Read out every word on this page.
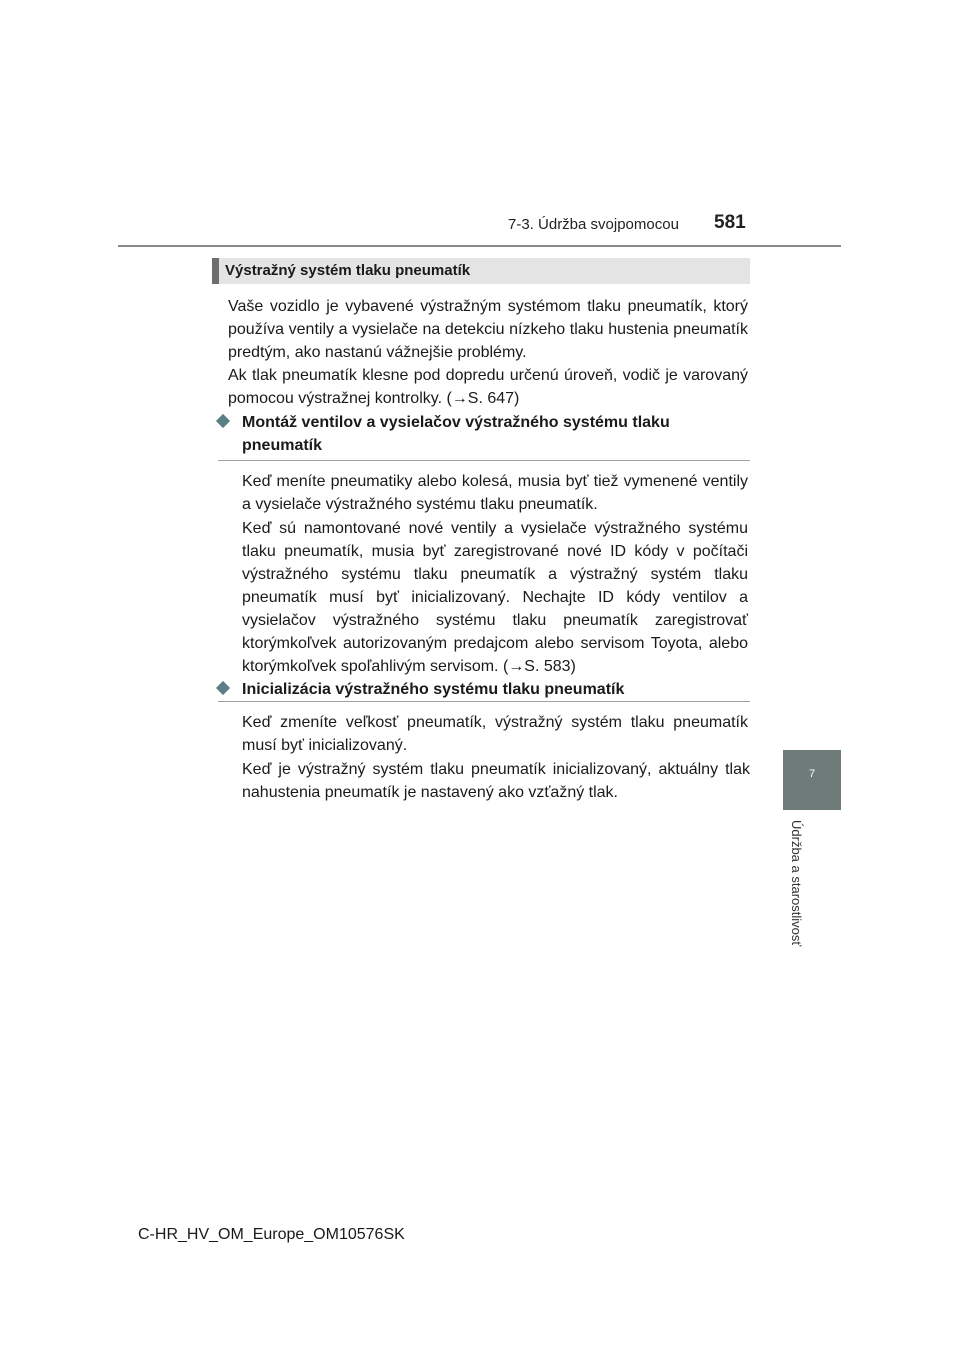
7-3. Údržba svojpomocou 581
Výstražný systém tlaku pneumatík

Vaše vozidlo je vybavené výstražným systémom tlaku pneumatík, ktorý používa ventily a vysielače na detekciu nízkeho tlaku hustenia pneumatík predtým, ako nastanú vážnejšie problémy.

Ak tlak pneumatík klesne pod dopredu určenú úroveň, vodič je varovaný pomocou výstražnej kontrolky. (→S. 647)

Montáž ventilov a vysielačov výstražného systému tlaku pneumatík

Keď meníte pneumatiky alebo kolesá, musia byť tiež vymenené ventily a vysielače výstražného systému tlaku pneumatík.

Keď sú namontované nové ventily a vysielače výstražného systému tlaku pneumatík, musia byť zaregistrované nové ID kódy v počítači výstražného systému tlaku pneumatík a výstražný systém tlaku pneumatík musí byť inicializovaný. Nechajte ID kódy ventilov a vysielačov výstražného systému tlaku pneumatík zaregistrovať ktorýmkoľvek autorizovaným predajcom alebo servisom Toyota, alebo ktorýmkoľvek spoľahlivým servisom. (→S. 583)

Inicializácia výstražného systému tlaku pneumatík

Keď zmeníte veľkosť pneumatík, výstražný systém tlaku pneumatík musí byť inicializovaný.

Keď je výstražný systém tlaku pneumatík inicializovaný, aktuálny tlak nahustenia pneumatík je nastavený ako vzťažný tlak.

7
Údržba a starostlivosť
C-HR_HV_OM_Europe_OM10576SK
